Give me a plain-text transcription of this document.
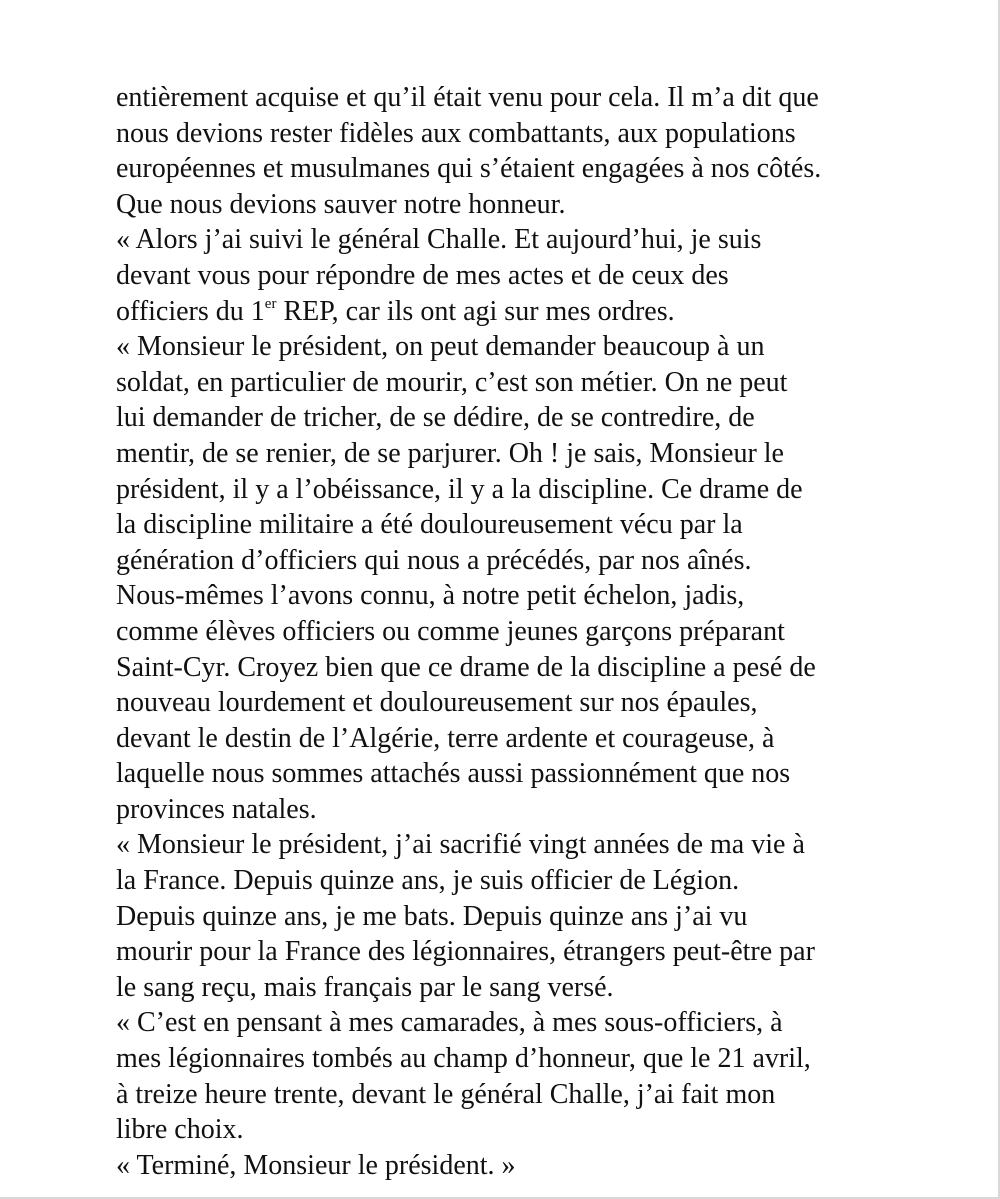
entièrement acquise et qu’il était venu pour cela. Il m’a dit que
nous devions rester fidèles aux combattants, aux populations
européennes et musulmanes qui s’étaient engagées à nos côtés.
Que nous devions sauver notre honneur.
« Alors j’ai suivi le général Challe. Et aujourd’hui, je suis
devant vous pour répondre de mes actes et de ceux des
officiers du 1er REP, car ils ont agi sur mes ordres.
« Monsieur le président, on peut demander beaucoup à un
soldat, en particulier de mourir, c’est son métier. On ne peut
lui demander de tricher, de se dédire, de se contredire, de
mentir, de se renier, de se parjurer. Oh ! je sais, Monsieur le
président, il y a l’obéissance, il y a la discipline. Ce drame de
la discipline militaire a été douloureusement vécu par la
génération d’officiers qui nous a précédés, par nos aînés.
Nous-mêmes l’avons connu, à notre petit échelon, jadis,
comme élèves officiers ou comme jeunes garçons préparant
Saint-Cyr. Croyez bien que ce drame de la discipline a pesé de
nouveau lourdement et douloureusement sur nos épaules,
devant le destin de l’Algérie, terre ardente et courageuse, à
laquelle nous sommes attachés aussi passionnément que nos
provinces natales.
« Monsieur le président, j’ai sacrifié vingt années de ma vie à
la France. Depuis quinze ans, je suis officier de Légion.
Depuis quinze ans, je me bats. Depuis quinze ans j’ai vu
mourir pour la France des légionnaires, étrangers peut-être par
le sang reçu, mais français par le sang versé.
« C’est en pensant à mes camarades, à mes sous-officiers, à
mes légionnaires tombés au champ d’honneur, que le 21 avril,
à treize heure trente, devant le général Challe, j’ai fait mon
libre choix.
« Terminé, Monsieur le président. »
